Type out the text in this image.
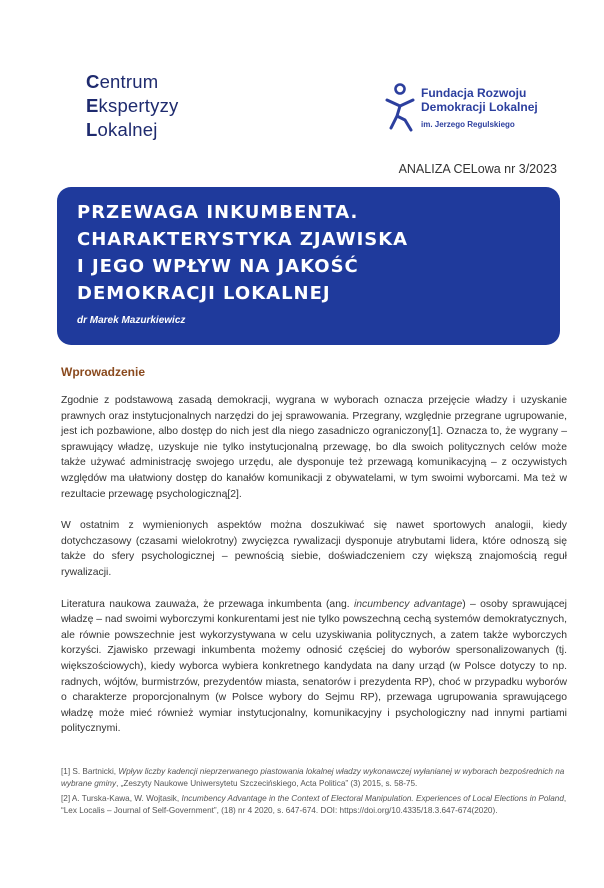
Centrum
Ekspertyzy
Lokalnej
Fundacja Rozwoju
Demokracji Lokalnej
im. Jerzego Regulskiego
ANALIZA CELowa nr 3/2023
PRZEWAGA INKUMBENTA.
CHARAKTERYSTYKA ZJAWISKA
I JEGO WPŁYW NA JAKOŚĆ
DEMOKRACJI LOKALNEJ
dr Marek Mazurkiewicz
Wprowadzenie

Zgodnie z podstawową zasadą demokracji, wygrana w wyborach oznacza przejęcie władzy i uzyskanie prawnych oraz instytucjonalnych narzędzi do jej sprawowania. Przegrany, względnie przegrane ugrupowanie, jest ich pozbawione, albo dostęp do nich jest dla niego zasadniczo ograniczony[1]. Oznacza to, że wygrany – sprawujący władzę, uzyskuje nie tylko instytucjonalną przewagę, bo dla swoich politycznych celów może także używać administrację swojego urzędu, ale dysponuje też przewagą komunikacyjną – z oczywistych względów ma ułatwiony dostęp do kanałów komunikacji z obywatelami, w tym swoimi wyborcami. Ma też w rezultacie przewagę psychologiczną[2].

W ostatnim z wymienionych aspektów można doszukiwać się nawet sportowych analogii, kiedy dotychczasowy (czasami wielokrotny) zwycięzca rywalizacji dysponuje atrybutami lidera, które odnoszą się także do sfery psychologicznej – pewnością siebie, doświadczeniem czy większą znajomością reguł rywalizacji.

Literatura naukowa zauważa, że przewaga inkumbenta (ang. incumbency advantage) – osoby sprawującej władzę – nad swoimi wyborczymi konkurentami jest nie tylko powszechną cechą systemów demokratycznych, ale równie powszechnie jest wykorzystywana w celu uzyskiwania politycznych, a zatem także wyborczych korzyści. Zjawisko przewagi inkumbenta możemy odnosić częściej do wyborów spersonalizowanych (tj. większościowych), kiedy wyborca wybiera konkretnego kandydata na dany urząd (w Polsce dotyczy to np. radnych, wójtów, burmistrzów, prezydentów miasta, senatorów i prezydenta RP), choć w przypadku wyborów o charakterze proporcjonalnym (w Polsce wybory do Sejmu RP), przewaga ugrupowania sprawującego władzę może mieć również wymiar instytucjonalny, komunikacyjny i psychologiczny nad innymi partiami politycznymi.

[1] S. Bartnicki, Wpływ liczby kadencji nieprzerwanego piastowania lokalnej władzy wykonawczej wyłanianej w wyborach bezpośrednich na wybrane gminy, „Zeszyty Naukowe Uniwersytetu Szczecińskiego, Acta Politica” (3) 2015, s. 58-75.

[2] A. Turska-Kawa, W. Wojtasik, Incumbency Advantage in the Context of Electoral Manipulation. Experiences of Local Elections in Poland, “Lex Localis – Journal of Self-Government”, (18) nr 4 2020, s. 647-674. DOI: https://doi.org/10.4335/18.3.647-674(2020).
